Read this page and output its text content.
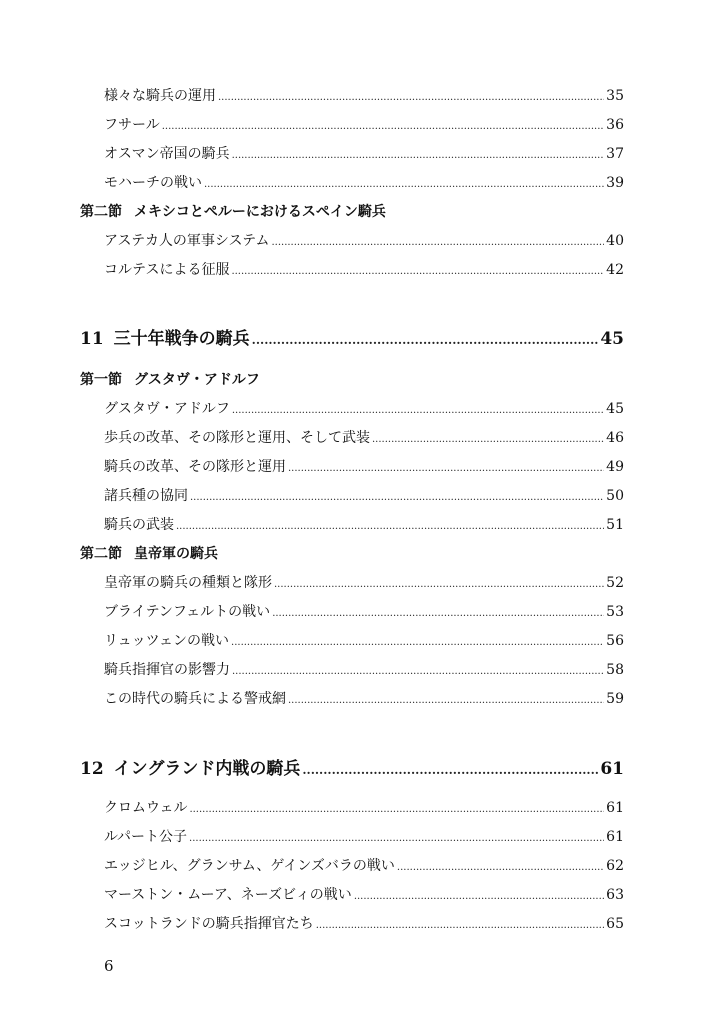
様々な騎兵の運用 .....	35
フサール .....	36
オスマン帝国の騎兵 .....	37
モハーチの戦い .....	39
第二節 メキシコとペルーにおけるスペイン騎兵
アステカ人の軍事システム .....	40
コルテスによる征服 .....	42
11 三十年戦争の騎兵 .....	45
第一節 グスタヴ・アドルフ
グスタヴ・アドルフ .....	45
歩兵の改革、その隊形と運用、そして武装 .....	46
騎兵の改革、その隊形と運用 .....	49
諸兵種の協同 .....	50
騎兵の武装 .....	51
第二節 皇帝軍の騎兵
皇帝軍の騎兵の種類と隊形 .....	52
ブライテンフェルトの戦い .....	53
リュッツェンの戦い .....	56
騎兵指揮官の影響力 .....	58
この時代の騎兵による警戒網 .....	59
12 イングランド内戦の騎兵 .....	61
クロムウェル .....	61
ルパート公子 .....	61
エッジヒル、グランサム、ゲインズバラの戦い .....	62
マーストン・ムーア、ネーズビィの戦い .....	63
スコットランドの騎兵指揮官たち .....	65
6
